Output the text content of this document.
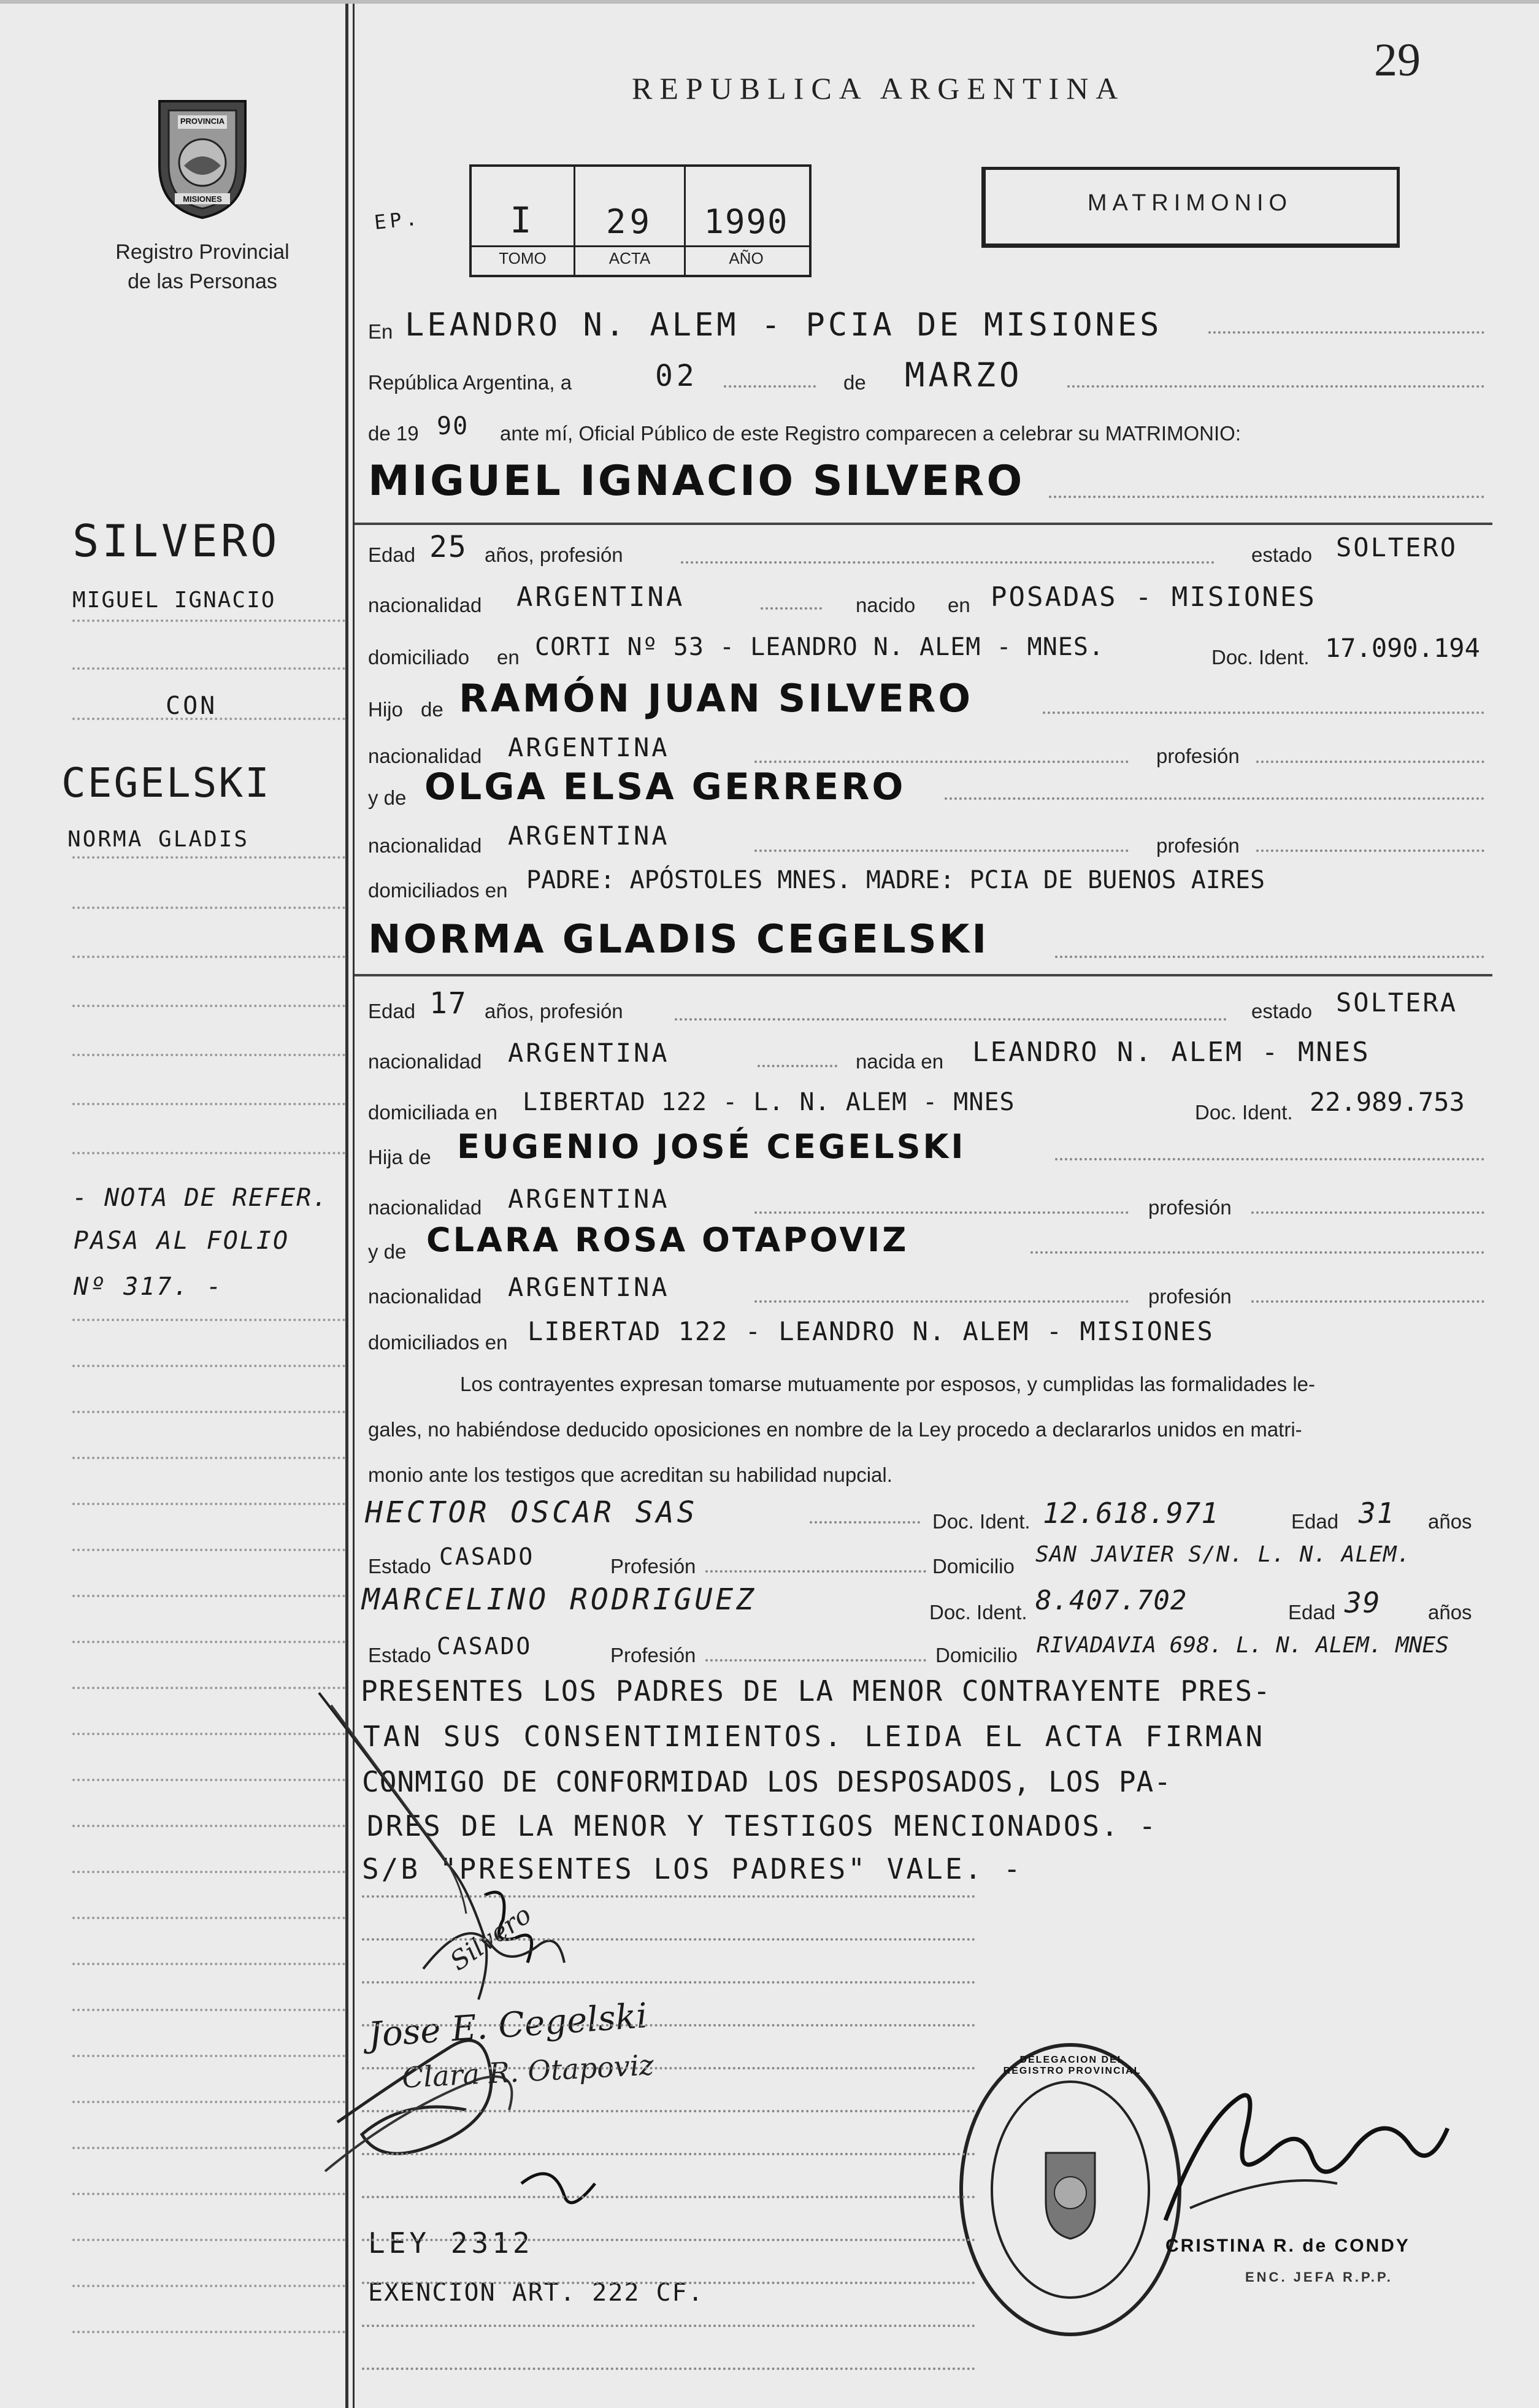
PROVINCIA
MISIONES
Registro Provincial
de las Personas
REPUBLICA ARGENTINA
29
MATRIMONIO
EP.	I	29	1990
TOMO	ACTA	AÑO
En LEANDRO N. ALEM - PCIA DE MISIONES
República Argentina, a	02	de MARZO
de 19 90 ante mí, Oficial Público de este Registro comparecen a celebrar su MATRIMONIO:
MIGUEL IGNACIO SILVERO
Edad 25 años, profesión	estado SOLTERO
nacionalidad ARGENTINA	nacido en POSADAS - MISIONES
domiciliado en CORTI Nº 53 - LEANDRO N. ALEM - MNES.	Doc. Ident. 17.090.194
Hijo de RAMÓN JUAN SILVERO
nacionalidad ARGENTINA	profesión
y de OLGA ELSA GERRERO
nacionalidad ARGENTINA	profesión
domiciliados en PADRE: APÓSTOLES MNES. MADRE: PCIA DE BUENOS AIRES
NORMA GLADIS CEGELSKI
Edad 17 años, profesión	estado SOLTERA
nacionalidad ARGENTINA	nacida en LEANDRO N. ALEM - MNES
domiciliada en LIBERTAD 122 - L. N. ALEM - MNES	Doc. Ident. 22.989.753
Hija de EUGENIO JOSÉ CEGELSKI
nacionalidad ARGENTINA	profesión
y de CLARA ROSA OTAPOVIZ
nacionalidad ARGENTINA	profesión
domiciliados en LIBERTAD 122 - LEANDRO N. ALEM - MISIONES
Los contrayentes expresan tomarse mutuamente por esposos, y cumplidas las formalidades le-
gales, no habiéndose deducido oposiciones en nombre de la Ley procedo a declararlos unidos en matri-
monio ante los testigos que acreditan su habilidad nupcial.
HECTOR OSCAR SAS	Doc. Ident. 12.618.971	Edad 31 años
Estado CASADO	Profesión	Domicilio SAN JAVIER S/N. L. N. ALEM.
MARCELINO RODRIGUEZ	Doc. Ident. 8.407.702	Edad 39 años
Estado CASADO	Profesión	Domicilio RIVADAVIA 698. L. N. ALEM. MNES
PRESENTES LOS PADRES DE LA MENOR CONTRAYENTE PRES-
TAN SUS CONSENTIMIENTOS. LEIDA EL ACTA FIRMAN
CONMIGO DE CONFORMIDAD LOS DESPOSADOS, LOS PA-
DRES DE LA MENOR Y TESTIGOS MENCIONADOS. -
S/B "PRESENTES LOS PADRES" VALE. -
Silvero
Jose E. Cegelski
Clara R. Otapoviz	DELEGACION DEL REGISTRO PROVINCIAL
CRISTINA R. de CONDY
ENC. JEFA R.P.P.
LEY 2312
EXENCION ART. 222 CF.
SILVERO
MIGUEL IGNACIO
CON
CEGELSKI
NORMA GLADIS
- NOTA DE REFER.
PASA AL FOLIO
Nº 317. -
